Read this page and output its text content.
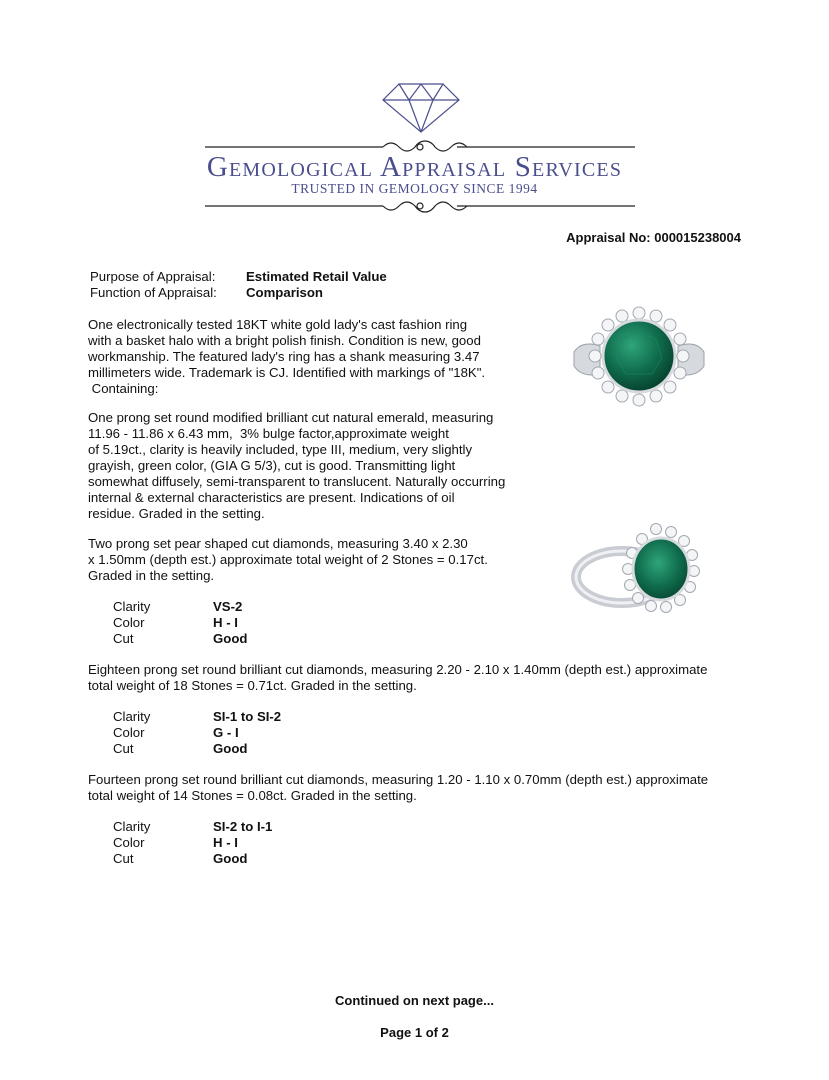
Gemological Appraisal Services
TRUSTED IN GEMOLOGY SINCE 1994
Appraisal No: 000015238004
Purpose of Appraisal:	Estimated Retail Value
Function of Appraisal:	Comparison
One electronically tested 18KT white gold lady's cast fashion ring
with a basket halo with a bright polish finish. Condition is new, good
workmanship. The featured lady's ring has a shank measuring 3.47
millimeters wide. Trademark is CJ. Identified with markings of "18K".
Containing:
One prong set round modified brilliant cut natural emerald, measuring
11.96 - 11.86 x 6.43 mm,  3% bulge factor,approximate weight
of 5.19ct., clarity is heavily included, type III, medium, very slightly
grayish, green color, (GIA G 5/3), cut is good. Transmitting light
somewhat diffusely, semi-transparent to translucent. Naturally occurring
internal & external characteristics are present. Indications of oil
residue. Graded in the setting.
Two prong set pear shaped cut diamonds, measuring 3.40 x 2.30
x 1.50mm (depth est.) approximate total weight of 2 Stones = 0.17ct.
Graded in the setting.
Clarity	VS-2
Color	H - I
Cut	Good
Eighteen prong set round brilliant cut diamonds, measuring 2.20 - 2.10 x 1.40mm (depth est.) approximate
total weight of 18 Stones = 0.71ct. Graded in the setting.
Clarity	SI-1 to SI-2
Color	G - I
Cut	Good
Fourteen prong set round brilliant cut diamonds, measuring 1.20 - 1.10 x 0.70mm (depth est.) approximate
total weight of 14 Stones = 0.08ct. Graded in the setting.
Clarity	SI-2 to I-1
Color	H - I
Cut	Good
Continued on next page...
Page 1 of 2
